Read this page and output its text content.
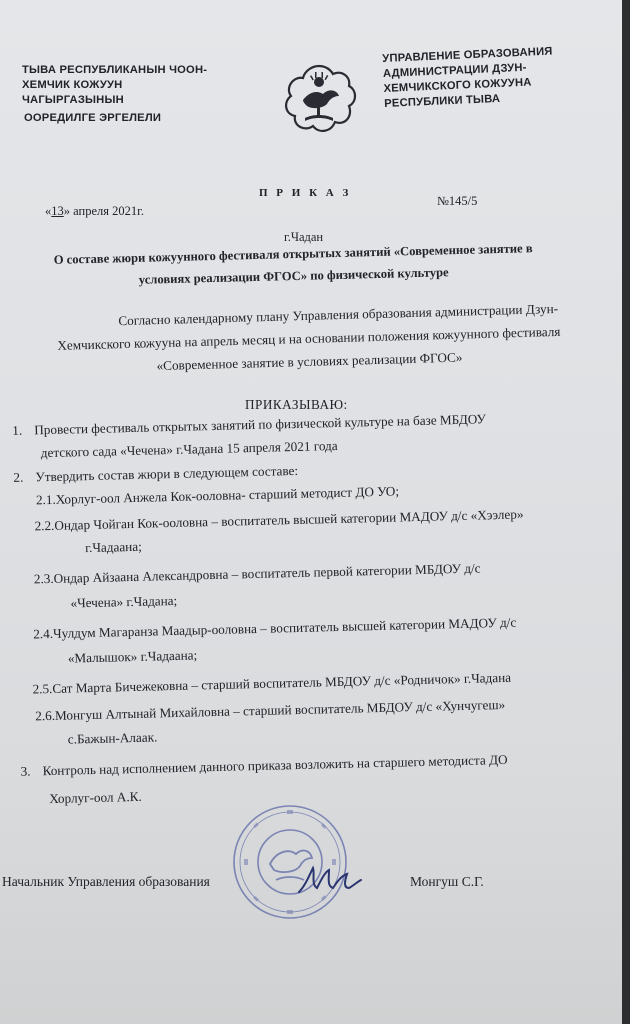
ТЫВА РЕСПУБЛИКАНЫН ЧООН-
ХЕМЧИК КОЖУУН
ЧАГЫРГАЗЫНЫН
ООРЕДИЛГЕ ЭРГЕЛЕЛИ
УПРАВЛЕНИЕ ОБРАЗОВАНИЯ
АДМИНИСТРАЦИИ ДЗУН-
ХЕМЧИКСКОГО КОЖУУНА
РЕСПУБЛИКИ ТЫВА
П Р И К А З
«13» апреля 2021г.
№145/5
г.Чадан
О составе жюри кожуунного фестиваля открытых занятий «Современное занятие в
условиях реализации ФГОС» по физической культуре
Согласно календарному плану Управления образования администрации Дзун-
Хемчикского кожууна на апрель месяц и на основании положения кожуунного фестиваля
«Современное занятие в условиях реализации ФГОС»
ПРИКАЗЫВАЮ:
1. Провести фестиваль открытых занятий по физической культуре на базе МБДОУ
детского сада «Чечена» г.Чадана 15 апреля 2021 года
2. Утвердить состав жюри в следующем составе:
2.1.Хорлуг-оол Анжела Кок-ооловна- старший методист ДО УО;
2.2.Ондар Чойган Кок-ооловна – воспитатель высшей категории МАДОУ д/с «Хээлер»
г.Чадаана;
2.3.Ондар Айзаана Александровна – воспитатель первой категории МБДОУ д/с
«Чечена» г.Чадана;
2.4.Чулдум Магаранза Маадыр-ооловна – воспитатель высшей категории МАДОУ д/с
«Малышок» г.Чадаана;
2.5.Сат Марта Бичежековна – старший воспитатель МБДОУ д/с «Родничок» г.Чадана
2.6.Монгуш Алтынай Михайловна – старший воспитатель МБДОУ д/с «Хунчугеш»
с.Бажын-Алаак.
3. Контроль над исполнением данного приказа возложить на старшего методиста ДО
Хорлуг-оол А.К.
Начальник Управления образования	Монгуш С.Г.
